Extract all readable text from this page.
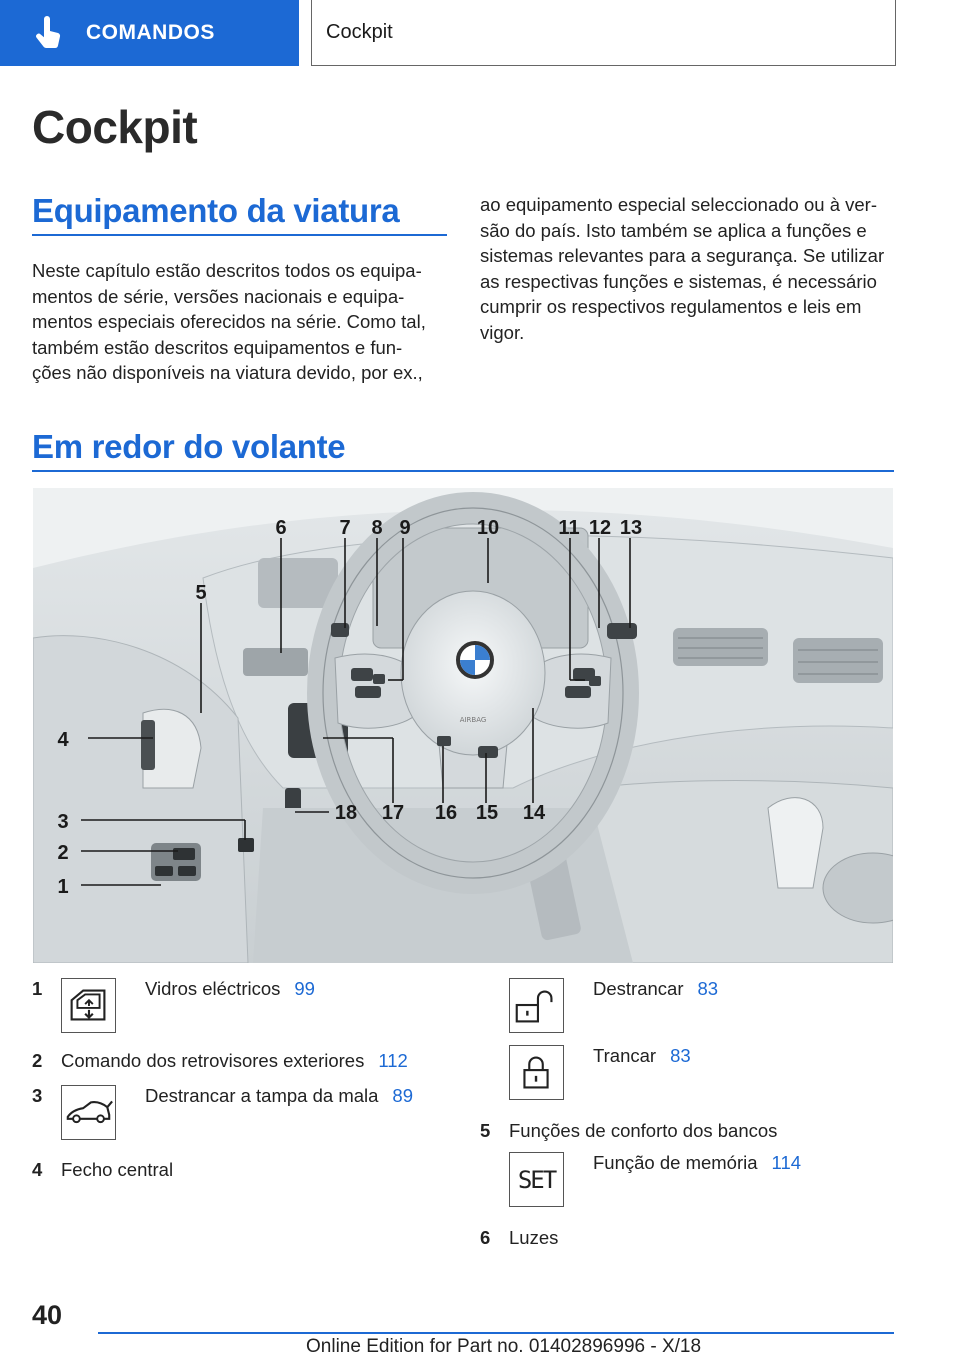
COMANDOS	Cockpit
Cockpit
Equipamento da viatura
Neste capítulo estão descritos todos os equipa-
mentos de série, versões nacionais e equipa-
mentos especiais oferecidos na série. Como tal,
também estão descritos equipamentos e fun-
ções não disponíveis na viatura devido, por ex.,
ao equipamento especial seleccionado ou à ver-
são do país. Isto também se aplica a funções e
sistemas relevantes para a segurança. Se utilizar
as respectivas funções e sistemas, é necessário
cumprir os respectivos regulamentos e leis em
vigor.
Em redor do volante
AIRBAG
6	7 8 9	10	11 12 13
5
4
3
2
1
18 17 16 15 14
1	Vidros eléctricos 99
2 Comando dos retrovisores exteriores 112
3	Destrancar a tampa da mala 89
4 Fecho central
Destrancar 83
Trancar 83
5 Funções de conforto dos bancos
SET
Função de memória 114
6 Luzes
40
Online Edition for Part no. 01402896996 - X/18
